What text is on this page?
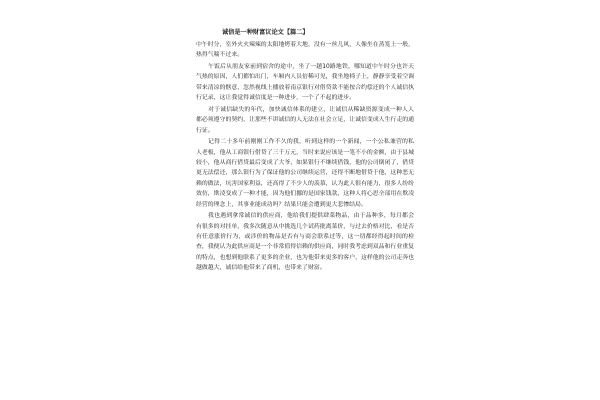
诚信是一种财富议论文【篇二】

中午时分，室外火火辣辣的太阳地烤着大地，没有一丝儿风，人像坐在蒸笼上一般，热得气喘不过来。

午饭后从朋友家前到宿舍的途中，坐了一趟10路地铁，哪知道中午时分也许天气热的原因，人们都怕出门，车厢内人员倍稀可见，我坐地椅子上，静静享受着空调带来清凉的惬意，忽然视线上播放着南京银行对借贷款不能按合约偿还的个人诚信执行记录，这让我觉得诚信度是一种进步，一个了不起的进步。

对于诚信缺失的年代，加快诚信体系的建立，让诚信从稀缺资源变成一种人人都必须遵守的契约，让那些不讲诚信的人无法在社会立足，让诚信变成人生行走的通行证。

记得二十多年前刚刚工作不久的我，听到这样的一个新闻，一个公私兼营的私人老板，他从工商银行借贷了三千万元，当时来说应该是一笔不小的金额，由于县城较小，他从商行借贷最后变成了大爷，如果银行不继续借钱，他的公司倒闭了，借贷更无法偿还，那么银行为了保证他的公司继续运营，还得不断地借贷于他，这种恶无赖的做法，坑害国家利益，还高得了不少人的羡慕，认为此人很有能力，很多人纷纷效仿，欺凌变成了一种才能，因为他们挪的是国家钱款，这种人将心思全部用在欺凌经营的理念上，其事业能成功吗？结果只能会遭到更大悲惨结局。

我也遇到拿常诚信的供应商，他给我们提供肆菜物品，由于品种多，每月都会有很多的对挂单，我多次随意从中挑选几个试药批离菜价，与过去价格对比，看是否有任意涨价行为，或涉价的物品是否有与商会联系过等，这一切都经得起时间的检查，我便认为此供应商是一个非常值得信赖的供应商，同时我考虑到双品和行业重复的特点，也想到他联系了更多的企业，也为他带来更多的客户，这样他的公司走奔也越做越大，诚信给他带来了商机，也带来了财富。
